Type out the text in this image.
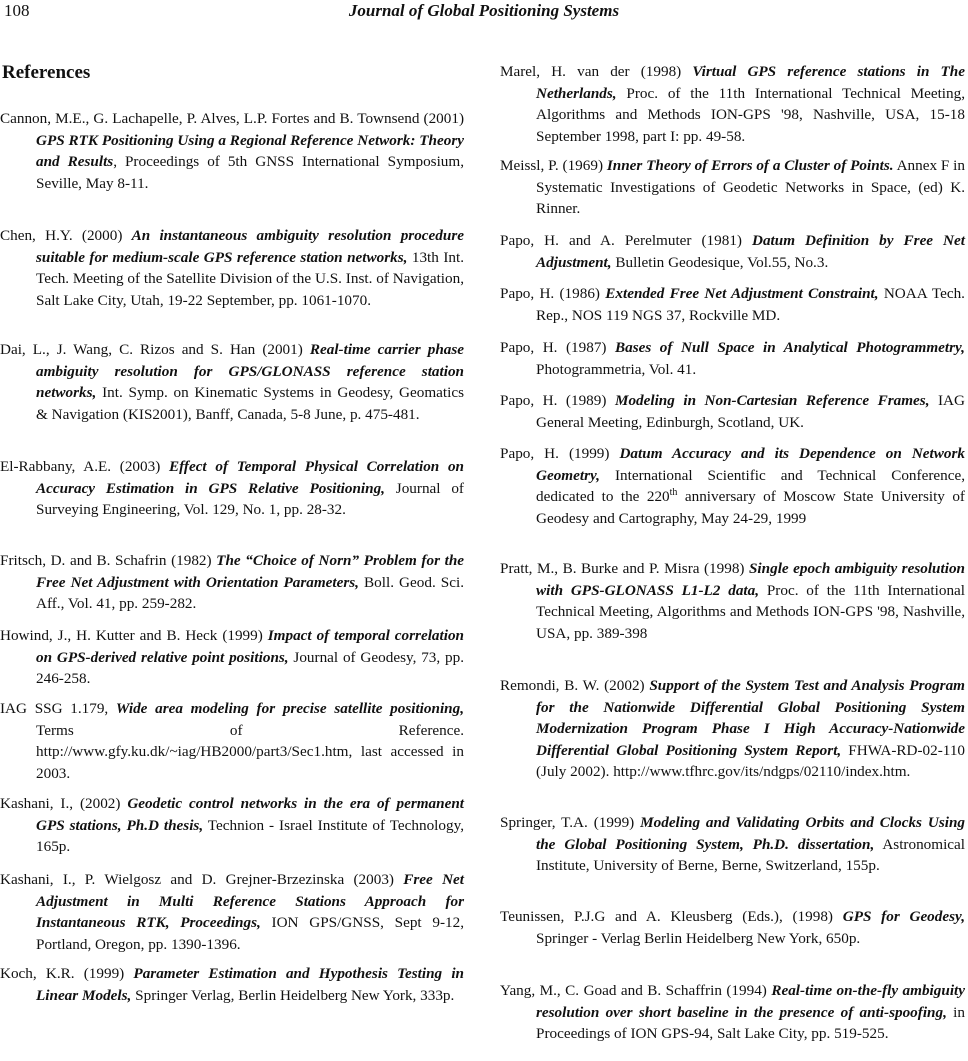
108	Journal of Global Positioning Systems
References
Cannon, M.E., G. Lachapelle, P. Alves, L.P. Fortes and B. Townsend (2001) GPS RTK Positioning Using a Regional Reference Network: Theory and Results, Proceedings of 5th GNSS International Symposium, Seville, May 8-11.
Chen, H.Y. (2000) An instantaneous ambiguity resolution procedure suitable for medium-scale GPS reference station networks, 13th Int. Tech. Meeting of the Satellite Division of the U.S. Inst. of Navigation, Salt Lake City, Utah, 19-22 September, pp. 1061-1070.
Dai, L., J. Wang, C. Rizos and S. Han (2001) Real-time carrier phase ambiguity resolution for GPS/GLONASS reference station networks, Int. Symp. on Kinematic Systems in Geodesy, Geomatics & Navigation (KIS2001), Banff, Canada, 5-8 June, p. 475-481.
El-Rabbany, A.E. (2003) Effect of Temporal Physical Correlation on Accuracy Estimation in GPS Relative Positioning, Journal of Surveying Engineering, Vol. 129, No. 1, pp. 28-32.
Fritsch, D. and B. Schafrin (1982) The “Choice of Norn” Problem for the Free Net Adjustment with Orientation Parameters, Boll. Geod. Sci. Aff., Vol. 41, pp. 259-282.
Howind, J., H. Kutter and B. Heck (1999) Impact of temporal correlation on GPS-derived relative point positions, Journal of Geodesy, 73, pp. 246-258.
IAG SSG 1.179, Wide area modeling for precise satellite positioning, Terms of Reference. http://www.gfy.ku.dk/~iag/HB2000/part3/Sec1.htm, last accessed in 2003.
Kashani, I., (2002) Geodetic control networks in the era of permanent GPS stations, Ph.D thesis, Technion - Israel Institute of Technology, 165p.
Kashani, I., P. Wielgosz and D. Grejner-Brzezinska (2003) Free Net Adjustment in Multi Reference Stations Approach for Instantaneous RTK, Proceedings, ION GPS/GNSS, Sept 9-12, Portland, Oregon, pp. 1390-1396.
Koch, K.R. (1999) Parameter Estimation and Hypothesis Testing in Linear Models, Springer Verlag, Berlin Heidelberg New York, 333p.
Marel, H. van der (1998) Virtual GPS reference stations in The Netherlands, Proc. of the 11th International Technical Meeting, Algorithms and Methods ION-GPS '98, Nashville, USA, 15-18 September 1998, part I: pp. 49-58.
Meissl, P. (1969) Inner Theory of Errors of a Cluster of Points. Annex F in Systematic Investigations of Geodetic Networks in Space, (ed) K. Rinner.
Papo, H. and A. Perelmuter (1981) Datum Definition by Free Net Adjustment, Bulletin Geodesique, Vol.55, No.3.
Papo, H. (1986) Extended Free Net Adjustment Constraint, NOAA Tech. Rep., NOS 119 NGS 37, Rockville MD.
Papo, H. (1987) Bases of Null Space in Analytical Photogrammetry, Photogrammetria, Vol. 41.
Papo, H. (1989) Modeling in Non-Cartesian Reference Frames, IAG General Meeting, Edinburgh, Scotland, UK.
Papo, H. (1999) Datum Accuracy and its Dependence on Network Geometry, International Scientific and Technical Conference, dedicated to the 220th anniversary of Moscow State University of Geodesy and Cartography, May 24-29, 1999
Pratt, M., B. Burke and P. Misra (1998) Single epoch ambiguity resolution with GPS-GLONASS L1-L2 data, Proc. of the 11th International Technical Meeting, Algorithms and Methods ION-GPS '98, Nashville, USA, pp. 389-398
Remondi, B. W. (2002) Support of the System Test and Analysis Program for the Nationwide Differential Global Positioning System Modernization Program Phase I High Accuracy-Nationwide Differential Global Positioning System Report, FHWA-RD-02-110 (July 2002). http://www.tfhrc.gov/its/ndgps/02110/index.htm.
Springer, T.A. (1999) Modeling and Validating Orbits and Clocks Using the Global Positioning System, Ph.D. dissertation, Astronomical Institute, University of Berne, Berne, Switzerland, 155p.
Teunissen, P.J.G and A. Kleusberg (Eds.), (1998) GPS for Geodesy, Springer - Verlag Berlin Heidelberg New York, 650p.
Yang, M., C. Goad and B. Schaffrin (1994) Real-time on-the-fly ambiguity resolution over short baseline in the presence of anti-spoofing, in Proceedings of ION GPS-94, Salt Lake City, pp. 519-525.
